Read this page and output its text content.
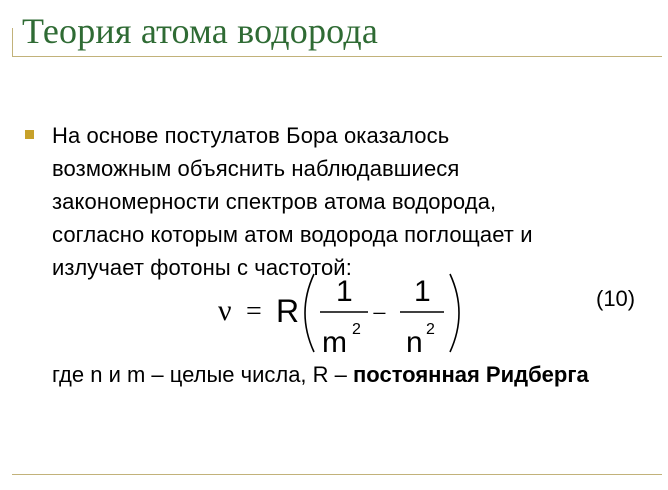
Теория атома водорода
На основе постулатов Бора оказалось
возможным объяснить наблюдавшиеся
закономерности спектров атома водорода,
согласно которым атом водорода поглощает и
излучает фотоны с частотой:
ν = R
1
m 2
−
1
n 2
(10)
где n и m – целые числа, R – постоянная Ридберга
